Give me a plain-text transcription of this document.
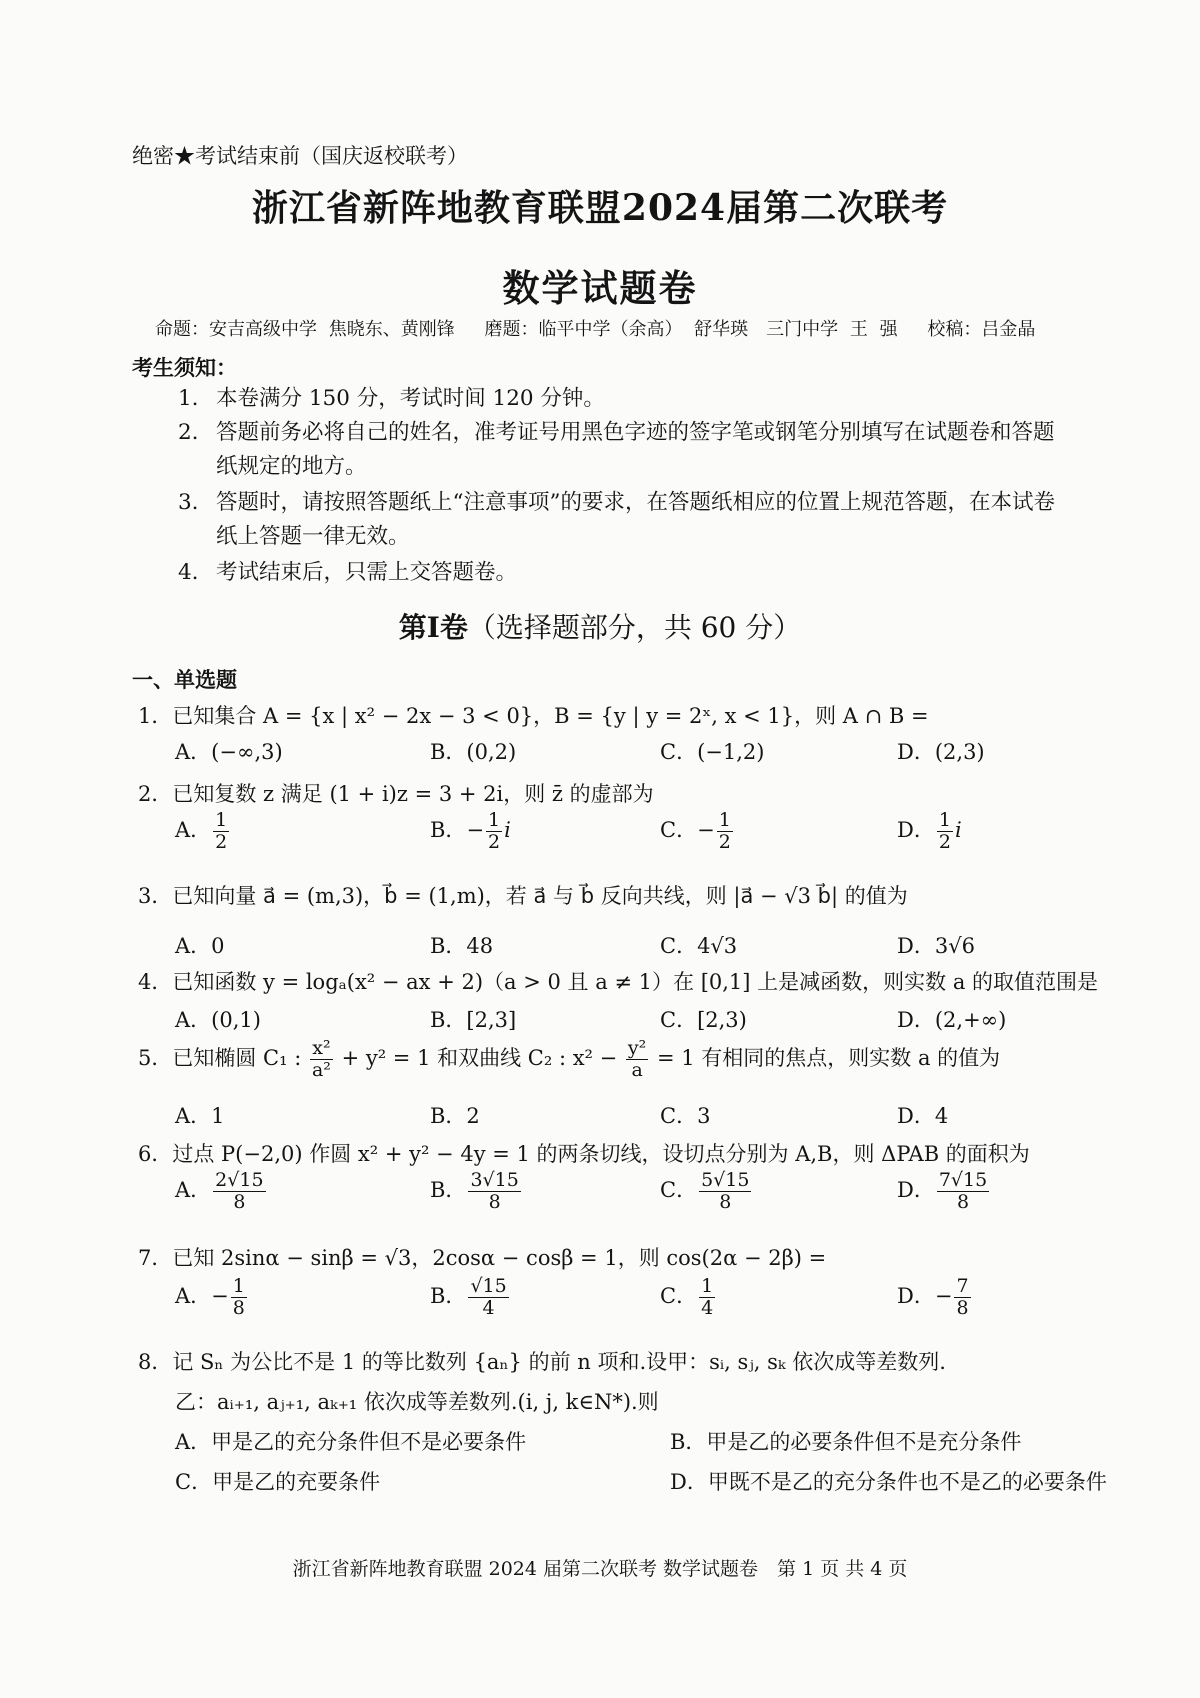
绝密★考试结束前（国庆返校联考）
浙江省新阵地教育联盟2024届第二次联考
数学试题卷
命题：安吉高级中学 焦晓东、黄刚锋　 磨题：临平中学（余高） 舒华瑛　三门中学 王 强　 校稿：吕金晶
考生须知：
1. 本卷满分 150 分，考试时间 120 分钟。
2. 答题前务必将自己的姓名，准考证号用黑色字迹的签字笔或钢笔分别填写在试题卷和答题
纸规定的地方。
3. 答题时，请按照答题纸上“注意事项”的要求，在答题纸相应的位置上规范答题，在本试卷
纸上答题一律无效。
4. 考试结束后，只需上交答题卷。
第Ⅰ卷（选择题部分，共 60 分）
一、单选题
1．已知集合 A = {x | x² − 2x − 3 < 0}，B = {y | y = 2ˣ, x < 1}，则 A ∩ B =
A．(−∞,3)	B．(0,2)	C．(−1,2)	D．(2,3)
2．已知复数 z 满足 (1 + i)z = 3 + 2i，则 z̄ 的虚部为
A． $\frac{1}{2}$	B．− $\frac{1}{2}$ i	C．− $\frac{1}{2}$	D． $\frac{1}{2}$ i
3．已知向量 a⃗ = (m,3)，b⃗ = (1,m)，若 a⃗ 与 b⃗ 反向共线，则 |a⃗ − √3 b⃗| 的值为
A．0	B．48	C．4√3	D．3√6
4．已知函数 y = logₐ(x² − ax + 2)（a > 0 且 a ≠ 1）在 [0,1] 上是减函数，则实数 a 的取值范围是
A．(0,1)	B．[2,3]	C．[2,3)	D．(2,+∞)
5．已知椭圆 C₁ : $\frac{\text{x²}}{\text{a²}} + y^2 = 1$ 和双曲线 C₂ : $x^2 - \frac{\text{y²}}{a} = 1$ 有相同的焦点，则实数 a 的值为
A．1	B．2	C．3	D．4
6．过点 P(−2,0) 作圆 x² + y² − 4y = 1 的两条切线，设切点分别为 A,B，则 ΔPAB 的面积为
A． $\frac{2√15}{8}$	B． $\frac{3√15}{8}$	C． $\frac{5√15}{8}$	D． $\frac{7√15}{8}$
7．已知 2sinα − sinβ = √3，2cosα − cosβ = 1，则 cos(2α − 2β) =
A．− $\frac{1}{8}$	B． $\frac{√15}{4}$	C． $\frac{1}{4}$	D．− $\frac{7}{8}$
8．记 Sₙ 为公比不是 1 的等比数列 {aₙ} 的前 n 项和.设甲：sᵢ, sⱼ, sₖ 依次成等差数列.
乙：aᵢ₊₁, aⱼ₊₁, aₖ₊₁ 依次成等差数列.(i, j, k∈N*).则
A．甲是乙的充分条件但不是必要条件	B．甲是乙的必要条件但不是充分条件
C．甲是乙的充要条件	D．甲既不是乙的充分条件也不是乙的必要条件
浙江省新阵地教育联盟 2024 届第二次联考 数学试题卷　第 1 页 共 4 页
